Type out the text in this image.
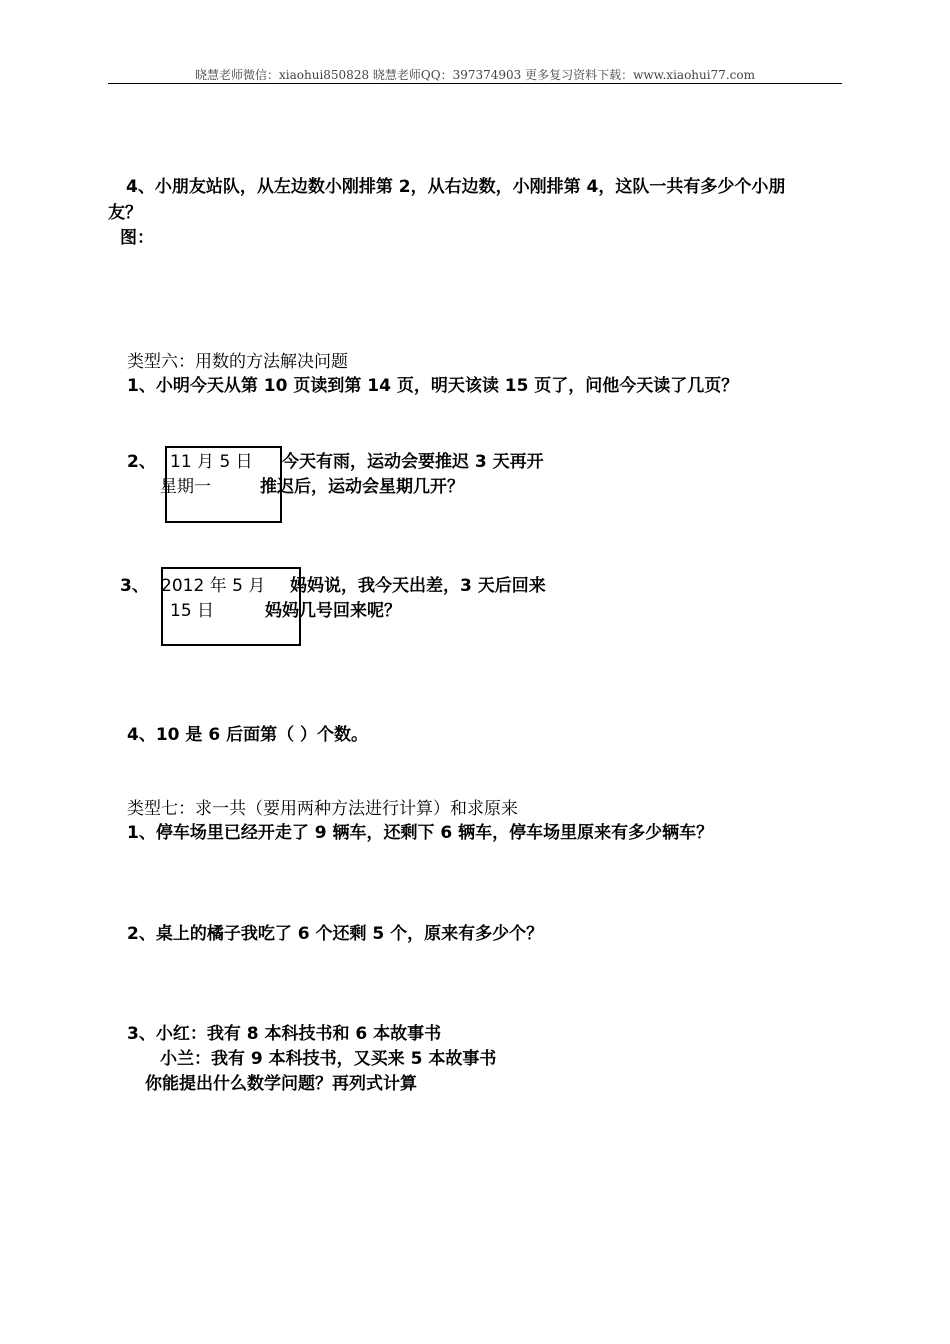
晓慧老师微信：xiaohui850828 晓慧老师QQ：397374903 更多复习资料下载：www.xiaohui77.com
4、小朋友站队，从左边数小刚排第 2，从右边数，小刚排第 4，这队一共有多少个小朋
友？
图：
类型六：用数的方法解决问题
1、小明今天从第 10 页读到第 14 页，明天该读 15 页了，问他今天读了几页？
2、 11 月 5 日
星期一
今天有雨，运动会要推迟 3 天再开
推迟后，运动会星期几开？
3、 2012 年 5 月
15 日
妈妈说，我今天出差，3 天后回来
妈妈几号回来呢？
4、10 是 6 后面第（ ）个数。
类型七：求一共（要用两种方法进行计算）和求原来
1、停车场里已经开走了 9 辆车，还剩下 6 辆车，停车场里原来有多少辆车？
2、桌上的橘子我吃了 6 个还剩 5 个，原来有多少个？
3、小红：我有 8 本科技书和 6 本故事书
小兰：我有 9 本科技书，又买来 5 本故事书
你能提出什么数学问题？再列式计算
